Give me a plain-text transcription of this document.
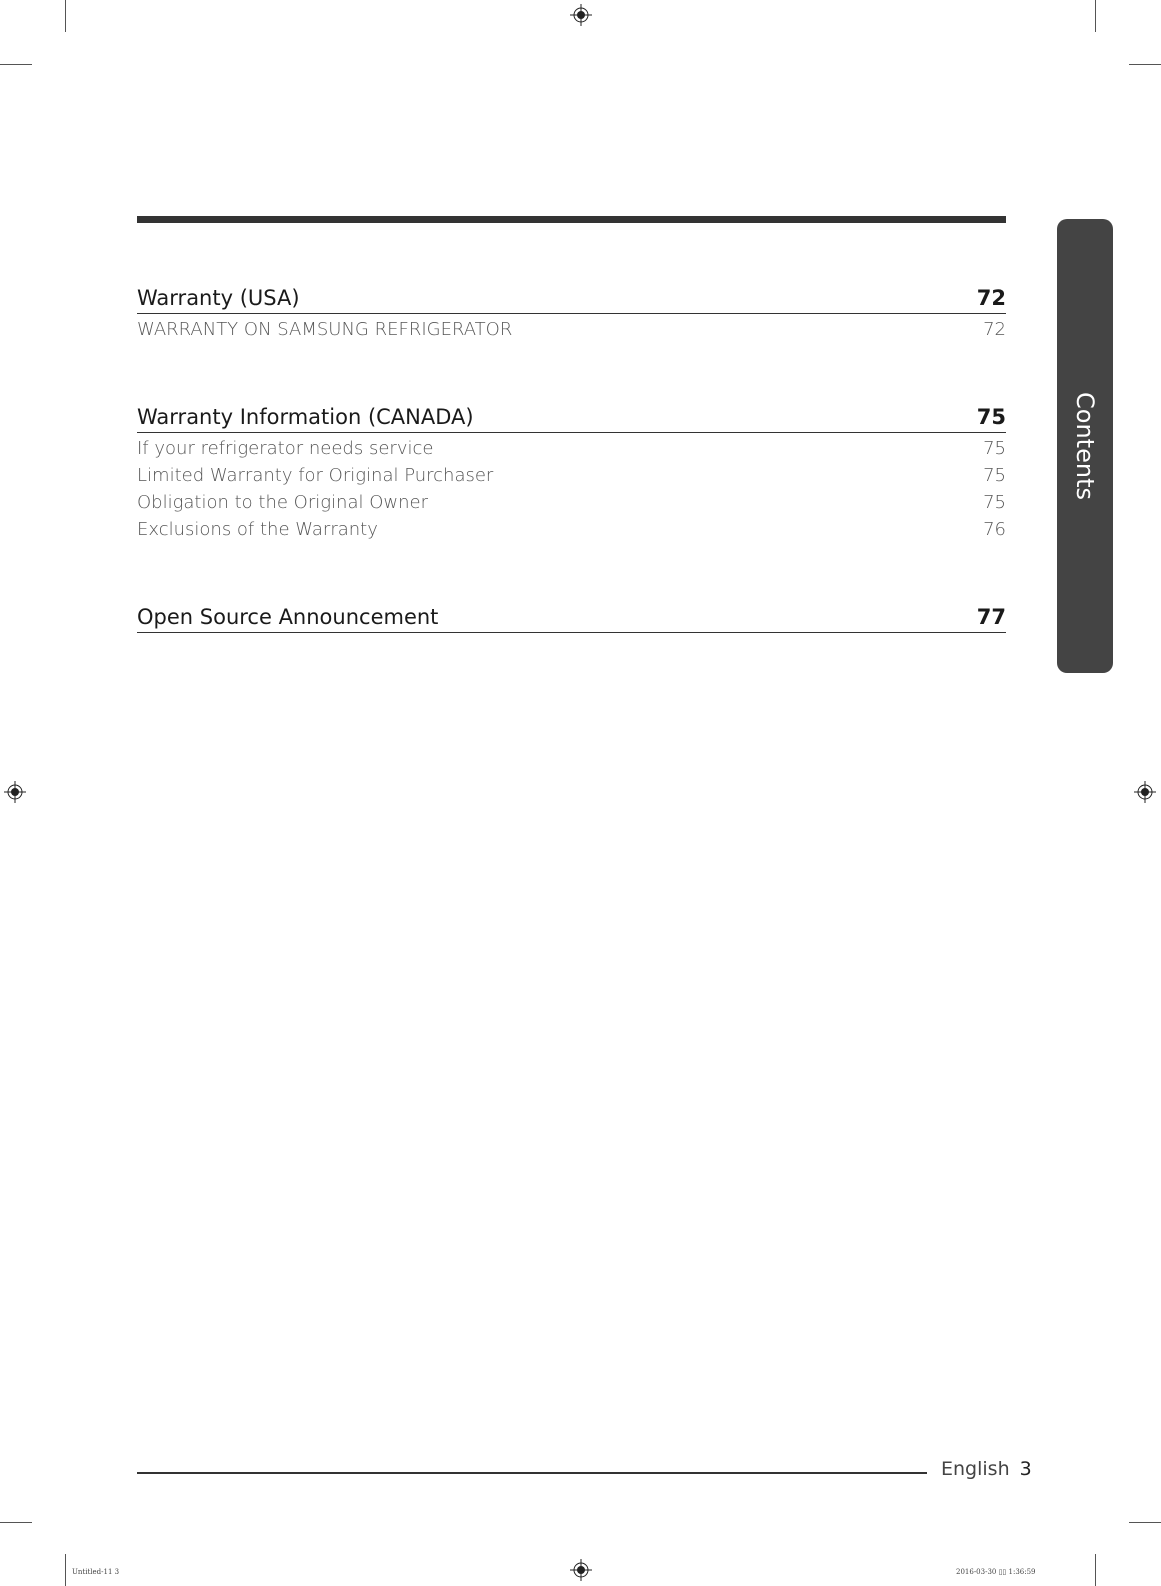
Warranty (USA)	72
WARRANTY ON SAMSUNG REFRIGERATOR	72
Warranty Information (CANADA)	75
If your refrigerator needs service	75
Limited Warranty for Original Purchaser	75
Obligation to the Original Owner	75
Exclusions of the Warranty	76
Open Source Announcement	77
Contents
English 3
Untitled-11 3	2016-03-30 ▯▯ 1:36:59
